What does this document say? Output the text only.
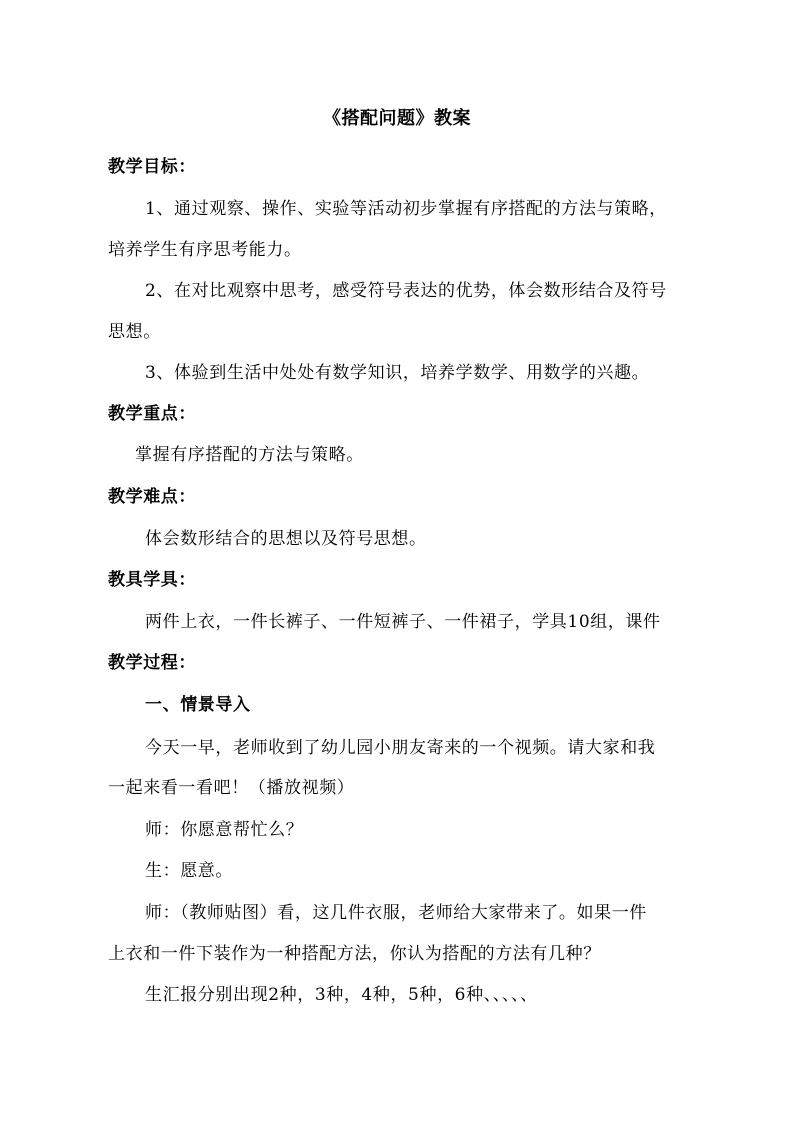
《搭配问题》教案
教学目标：
1、通过观察、操作、实验等活动初步掌握有序搭配的方法与策略，
培养学生有序思考能力。
2、在对比观察中思考，感受符号表达的优势，体会数形结合及符号
思想。
3、体验到生活中处处有数学知识，培养学数学、用数学的兴趣。
教学重点：
掌握有序搭配的方法与策略。
教学难点：
体会数形结合的思想以及符号思想。
教具学具：
两件上衣，一件长裤子、一件短裤子、一件裙子，学具10组，课件
教学过程：
一、情景导入
今天一早，老师收到了幼儿园小朋友寄来的一个视频。请大家和我
一起来看一看吧！（播放视频）
师：你愿意帮忙么？
生：愿意。
师：（教师贴图）看，这几件衣服，老师给大家带来了。如果一件
上衣和一件下装作为一种搭配方法，你认为搭配的方法有几种？
生汇报分别出现2种，3种，4种，5种，6种、、、、、
